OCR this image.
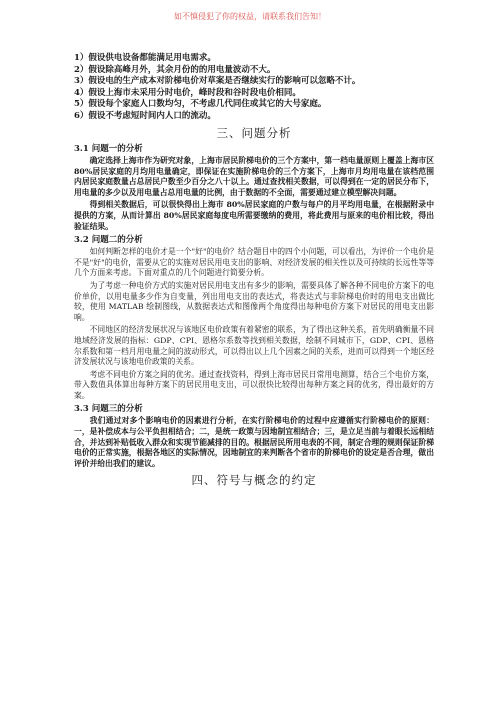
如不慎侵犯了你的权益，请联系我们告知！

1）假设供电设备都能满足用电需求。

2）假设除高峰月外，其余月份的的用电量波动不大。

3）假设电的生产成本对阶梯电价对草案是否继续实行的影响可以忽略不计。

4）假设上海市未采用分时电价，峰时段和谷时段电价相同。

5）假设每个家庭人口数均匀，不考虑几代同住或其它的大号家庭。

6）假设不考虑短时间内人口的流动。

三、问题分析
3.1 问题一的分析

确定选择上海市作为研究对象，上海市居民阶梯电价的三个方案中，第一档电量原则上覆盖上海市区 80%居民家庭的月均用电量确定，即保证在实施阶梯电价的三个方案下，上海市月均用电量在该档范围内居民家庭数量占总居民户数至少百分之八十以上。通过查找相关数据，可以得到在一定的居民分布下，用电量的多少以及用电量占总用电量的比例，由于数据的不全面，需要通过建立模型解决问题。

得到相关数据后，可以很快得出上海市 80%居民家庭的户数与每户的月平均用电量，在根据附录中提供的方案，从而计算出 80%居民家庭每度电所需要缴纳的费用，将此费用与原来的电价相比较，得出验证结果。

3.2 问题二的分析

如何判断怎样的电价才是一个"好"的电价？结合题目中的四个小问题，可以看出，为评价一个电价是不是"好"的电价，需要从它的实施对居民用电支出的影响、对经济发展的相关性以及可持续的长远性等等几个方面来考虑。下面对重点的几个问题进行简要分析。

为了考虑一种电价方式的实施对居民用电支出有多少的影响，需要具体了解各种不同电价方案下的电价单价，以用电量多少作为自变量，列出用电支出的表达式，将表达式与非阶梯电价时的用电支出做比较，使用 MATLAB 绘制图线，从数据表达式和图像两个角度得出每种电价方案下对居民的用电支出影响。

不同地区的经济发展状况与该地区电价政策有着紧密的联系，为了得出这种关系，首先明确衡量不同地域经济发展的指标：GDP、CPI、恩格尔系数等找到相关数据，绘制不同城市下，GDP、CPI、恩格尔系数和第一档月用电量之间的波动形式，可以得出以上几个因素之间的关系，进而可以得到一个地区经济发展状况与该地电价政策的关系。

考虑不同电价方案之间的优劣。通过查找资料，得到上海市居民日常用电测算，结合三个电价方案，带入数值具体算出每种方案下的居民用电支出，可以很快比较得出每种方案之间的优劣，得出最好的方案。

3.3 问题三的分析

我们通过对多个影响电价的因素进行分析，在实行阶梯电价的过程中应遵循实行阶梯电价的原则：一，是补偿成本与公平负担相结合；二，是统一政策与因地制宜相结合；三，是立足当前与着眼长远相结合，并达到补贴低收入群众和实现节能减排的目的。根据居民所用电表的不同，制定合理的规则保证阶梯电价的正常实施，根据各地区的实际情况，因地制宜的来判断各个省市的阶梯电价的设定是否合理，做出评价并给出我们的建议。

四、符号与概念的约定
